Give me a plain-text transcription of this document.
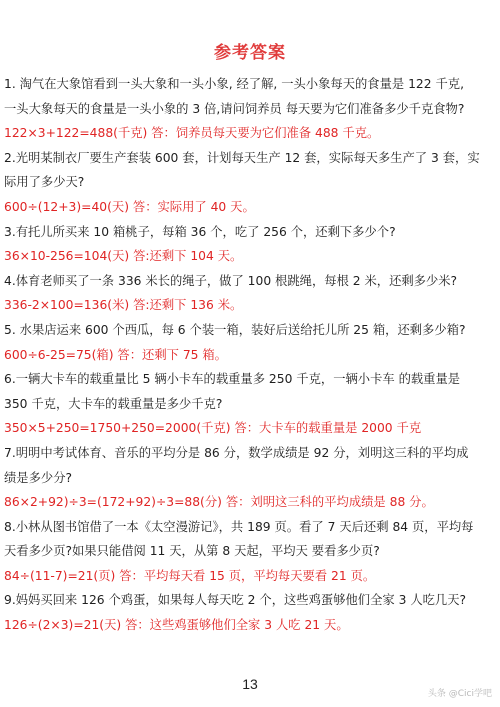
参考答案
1. 淘气在大象馆看到一头大象和一头小象, 经了解, 一头小象每天的食量是 122 千克,
一头大象每天的食量是一头小象的 3 倍,请问饲养员 每天要为它们准备多少千克食物?
122×3+122=488(千克) 答：饲养员每天要为它们准备 488 千克。
2.光明某制衣厂要生产套装 600 套，计划每天生产 12 套，实际每天多生产了 3 套，实
际用了多少天?
600÷(12+3)=40(天) 答：实际用了 40 天。
3.有托儿所买来 10 箱桃子，每箱 36 个，吃了 256 个，还剩下多少个?
36×10-256=104(天) 答:还剩下 104 天。
4.体育老师买了一条 336 米长的绳子，做了 100 根跳绳，每根 2 米，还剩多少米?
336-2×100=136(米) 答:还剩下 136 米。
5. 水果店运来 600 个西瓜，每 6 个装一箱，装好后送给托儿所 25 箱，还剩多少箱?
600÷6-25=75(箱) 答：还剩下 75 箱。
6.一辆大卡车的载重量比 5 辆小卡车的载重量多 250 千克，一辆小卡车 的载重量是
350 千克，大卡车的载重量是多少千克?
350×5+250=1750+250=2000(千克) 答：大卡车的载重量是 2000 千克
7.明明中考试体育、音乐的平均分是 86 分，数学成绩是 92 分，刘明这三科的平均成
绩是多少分?
86×2+92)÷3=(172+92)÷3=88(分) 答：刘明这三科的平均成绩是 88 分。
8.小林从图书馆借了一本《太空漫游记》，共 189 页。看了 7 天后还剩 84 页，平均每
天看多少页?如果只能借阅 11 天，从第 8 天起，平均天 要看多少页?
84÷(11-7)=21(页) 答：平均每天看 15 页，平均每天要看 21 页。
9.妈妈买回来 126 个鸡蛋，如果每人每天吃 2 个，这些鸡蛋够他们全家 3 人吃几天?
126÷(2×3)=21(天) 答：这些鸡蛋够他们全家 3 人吃 21 天。
13
头条 @Cici学吧
